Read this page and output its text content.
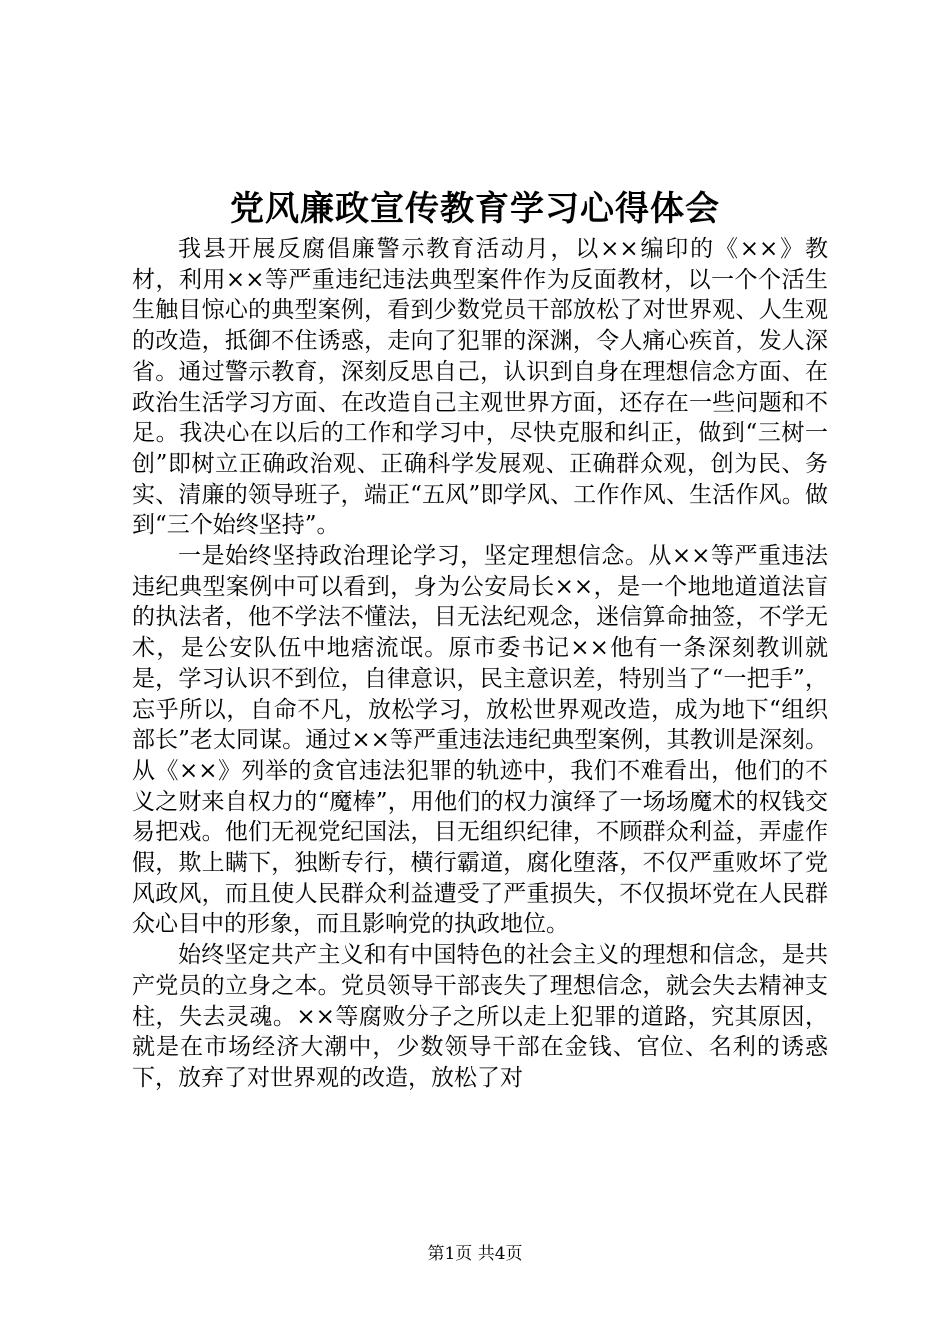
党风廉政宣传教育学习心得体会

我县开展反腐倡廉警示教育活动月，以××编印的《××》教材，利用××等严重违纪违法典型案件作为反面教材，以一个个活生生触目惊心的典型案例，看到少数党员干部放松了对世界观、人生观的改造，抵御不住诱惑，走向了犯罪的深渊，令人痛心疾首，发人深省。通过警示教育，深刻反思自己，认识到自身在理想信念方面、在政治生活学习方面、在改造自己主观世界方面，还存在一些问题和不足。我决心在以后的工作和学习中，尽快克服和纠正，做到“三树一创”即树立正确政治观、正确科学发展观、正确群众观，创为民、务实、清廉的领导班子，端正“五风”即学风、工作作风、生活作风。做到“三个始终坚持”。

一是始终坚持政治理论学习，坚定理想信念。从××等严重违法违纪典型案例中可以看到，身为公安局长××，是一个地地道道法盲的执法者，他不学法不懂法，目无法纪观念，迷信算命抽签，不学无术，是公安队伍中地痞流氓。原市委书记××他有一条深刻教训就是，学习认识不到位，自律意识，民主意识差，特别当了“一把手”，忘乎所以，自命不凡，放松学习，放松世界观改造，成为地下“组织部长”老太同谋。通过××等严重违法违纪典型案例，其教训是深刻。从《××》列举的贪官违法犯罪的轨迹中，我们不难看出，他们的不义之财来自权力的“魔棒”，用他们的权力演绎了一场场魔术的权钱交易把戏。他们无视党纪国法，目无组织纪律，不顾群众利益，弄虚作假，欺上瞒下，独断专行，横行霸道，腐化堕落，不仅严重败坏了党风政风，而且使人民群众利益遭受了严重损失，不仅损坏党在人民群众心目中的形象，而且影响党的执政地位。

始终坚定共产主义和有中国特色的社会主义的理想和信念，是共产党员的立身之本。党员领导干部丧失了理想信念，就会失去精神支柱，失去灵魂。××等腐败分子之所以走上犯罪的道路，究其原因，就是在市场经济大潮中，少数领导干部在金钱、官位、名利的诱惑下，放弃了对世界观的改造，放松了对

第1页 共4页
